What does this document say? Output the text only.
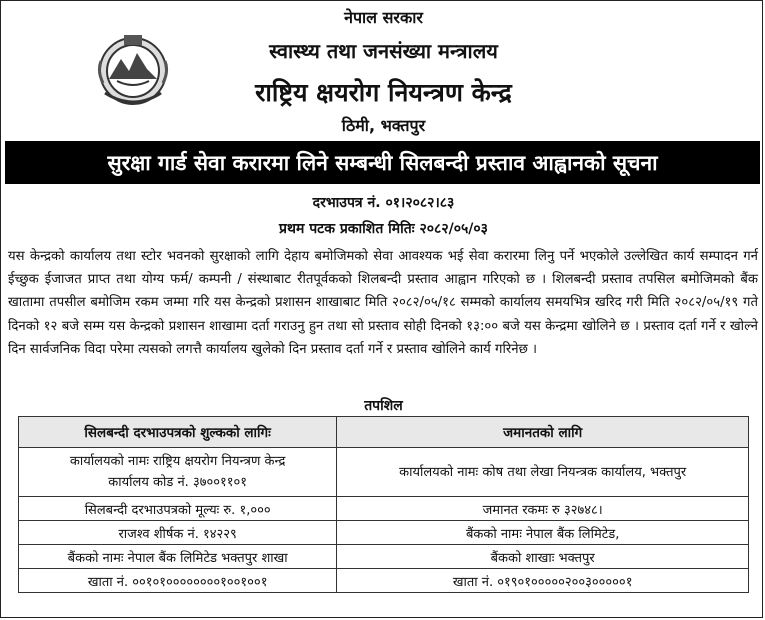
नेपाल सरकार
स्वास्थ्य तथा जनसंख्या मन्त्रालय
राष्ट्रिय क्षयरोग नियन्त्रण केन्द्र
ठिमी, भक्तपुर
सुरक्षा गार्ड सेवा करारमा लिने सम्बन्धी सिलबन्दी प्रस्ताव आह्वानको सूचना
दरभाउपत्र नं. ०१।२०८२।८३
प्रथम पटक प्रकाशित मितिः २०८२/०५/०३
यस केन्द्रको कार्यालय तथा स्टोर भवनको सुरक्षाको लागि देहाय बमोजिमको सेवा आवश्यक भई सेवा करारमा लिनु पर्ने भएकोले उल्लेखित कार्य सम्पादन गर्न ईच्छुक ईजाजत प्राप्त तथा योग्य फर्म/ कम्पनी / संस्थाबाट रीतपूर्वकको शिलबन्दी प्रस्ताव आह्वान गरिएको छ । शिलबन्दी प्रस्ताव तपसिल बमोजिमको बैंक खातामा तपसील बमोजिम रकम जम्मा गरि यस केन्द्रको प्रशासन शाखाबाट मिति २०८२/०५/१८ सम्मको कार्यालय समयभित्र खरिद गरी मिति २०८२/०५/१९ गते दिनको १२ बजे सम्म यस केन्द्रको प्रशासन शाखामा दर्ता गराउनु हुन तथा सो प्रस्ताव सोही दिनको १३:०० बजे यस केन्द्रमा खोलिने छ । प्रस्ताव दर्ता गर्ने र खोल्ने दिन सार्वजनिक विदा परेमा त्यसको लगत्तै कार्यालय खुलेको दिन प्रस्ताव दर्ता गर्ने र प्रस्ताव खोलिने कार्य गरिनेछ ।
तपशिल
सिलबन्दी दरभाउपत्रको शुल्कको लागिः	जमानतको लागि

कार्यालयको नामः राष्ट्रिय क्षयरोग नियन्त्रण केन्द्र
कार्यालय कोड नं. ३७००११०१	कार्यालयको नामः कोष तथा लेखा नियन्त्रक कार्यालय, भक्तपुर
सिलबन्दी दरभाउपत्रको मूल्यः रु. १,०००	जमानत रकमः रु ३२७४८।
राजश्व शीर्षक नं. १४२२९	बैंकको नामः नेपाल बैंक लिमिटेड,
बैंकको नामः नेपाल बैंक लिमिटेड भक्तपुर शाखा	बैंकको शाखाः भक्तपुर
खाता नं. ००१०१००००००००१००१००१	खाता नं. ०१९०१०००००२००३०००००१
